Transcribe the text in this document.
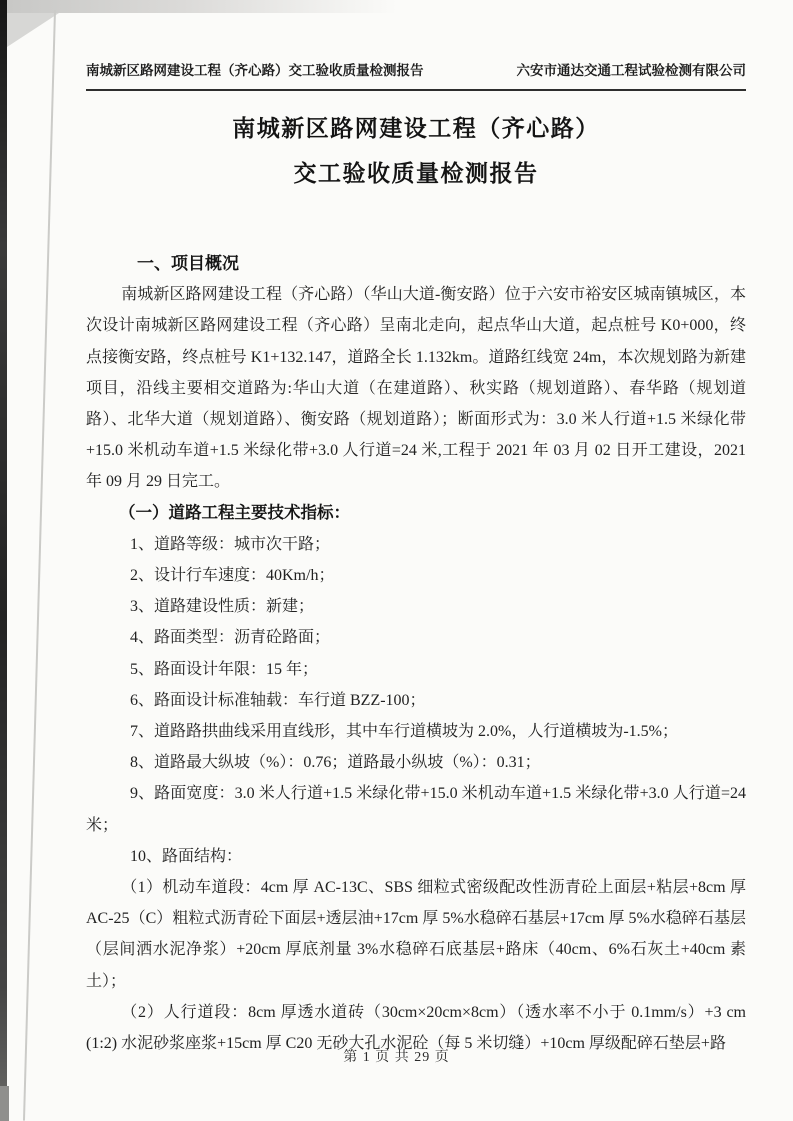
南城新区路网建设工程（齐心路）交工验收质量检测报告	六安市通达交通工程试验检测有限公司
南城新区路网建设工程（齐心路）
交工验收质量检测报告
一、项目概况
南城新区路网建设工程（齐心路）（华山大道-衡安路）位于六安市裕安区城南镇城区，本次设计南城新区路网建设工程（齐心路）呈南北走向，起点华山大道，起点桩号 K0+000，终点接衡安路，终点桩号 K1+132.147，道路全长 1.132km。道路红线宽 24m，本次规划路为新建项目，沿线主要相交道路为:华山大道（在建道路）、秋实路（规划道路）、春华路（规划道路）、北华大道（规划道路）、衡安路（规划道路）；断面形式为：3.0 米人行道+1.5 米绿化带+15.0 米机动车道+1.5 米绿化带+3.0 人行道=24 米,工程于 2021 年 03 月 02 日开工建设，2021 年 09 月 29 日完工。
（一）道路工程主要技术指标：
1、道路等级：城市次干路；
2、设计行车速度：40Km/h；
3、道路建设性质：新建；
4、路面类型：沥青砼路面；
5、路面设计年限：15 年；
6、路面设计标准轴载：车行道 BZZ-100；
7、道路路拱曲线采用直线形，其中车行道横坡为 2.0%，人行道横坡为-1.5%；
8、道路最大纵坡（%）：0.76；道路最小纵坡（%）：0.31；
9、路面宽度：3.0 米人行道+1.5 米绿化带+15.0 米机动车道+1.5 米绿化带+3.0 人行道=24 米；
10、路面结构：
（1）机动车道段：4cm 厚 AC-13C、SBS 细粒式密级配改性沥青砼上面层+粘层+8cm 厚 AC-25（C）粗粒式沥青砼下面层+透层油+17cm 厚 5%水稳碎石基层+17cm 厚 5%水稳碎石基层（层间洒水泥净浆）+20cm 厚底剂量 3%水稳碎石底基层+路床（40cm、6%石灰土+40cm 素土）；
（2）人行道段：8cm 厚透水道砖（30cm×20cm×8cm）（透水率不小于 0.1mm/s）+3 cm (1:2) 水泥砂浆座浆+15cm 厚 C20 无砂大孔水泥砼（每 5 米切缝）+10cm 厚级配碎石垫层+路
第 1 页 共 29 页
